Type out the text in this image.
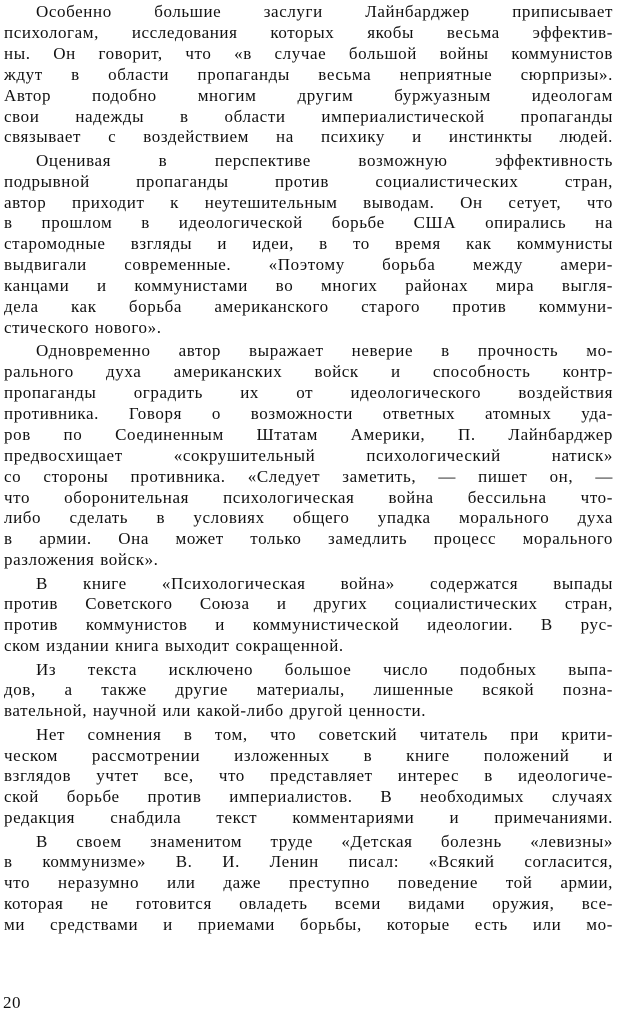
Особенно большие заслуги Лайнбарджер приписывает
психологам, исследования которых якобы весьма эффектив-
ны. Он говорит, что «в случае большой войны коммунистов
ждут в области пропаганды весьма неприятные сюрпризы».
Автор подобно многим другим буржуазным идеологам
свои надежды в области империалистической пропаганды
связывает с воздействием на психику и инстинкты людей.
Оценивая в перспективе возможную эффективность
подрывной пропаганды против социалистических стран,
автор приходит к неутешительным выводам. Он сетует, что
в прошлом в идеологической борьбе США опирались на
старомодные взгляды и идеи, в то время как коммунисты
выдвигали современные. «Поэтому борьба между амери-
канцами и коммунистами во многих районах мира выгля-
дела как борьба американского старого против коммуни-
стического нового».
Одновременно автор выражает неверие в прочность мо-
рального духа американских войск и способность контр-
пропаганды оградить их от идеологического воздействия
противника. Говоря о возможности ответных атомных уда-
ров по Соединенным Штатам Америки, П. Лайнбарджер
предвосхищает «сокрушительный психологический натиск»
со стороны противника. «Следует заметить, — пишет он, —
что оборонительная психологическая война бессильна что-
либо сделать в условиях общего упадка морального духа
в армии. Она может только замедлить процесс морального
разложения войск».
В книге «Психологическая война» содержатся выпады
против Советского Союза и других социалистических стран,
против коммунистов и коммунистической идеологии. В рус-
ском издании книга выходит сокращенной.
Из текста исключено большое число подобных выпа-
дов, а также другие материалы, лишенные всякой позна-
вательной, научной или какой-либо другой ценности.
Нет сомнения в том, что советский читатель при крити-
ческом рассмотрении изложенных в книге положений и
взглядов учтет все, что представляет интерес в идеологиче-
ской борьбе против империалистов. В необходимых случаях
редакция снабдила текст комментариями и примечаниями.
В своем знаменитом труде «Детская болезнь «левизны»
в коммунизме» В. И. Ленин писал: «Всякий согласится,
что неразумно или даже преступно поведение той армии,
которая не готовится овладеть всеми видами оружия, все-
ми средствами и приемами борьбы, которые есть или мо-
20
